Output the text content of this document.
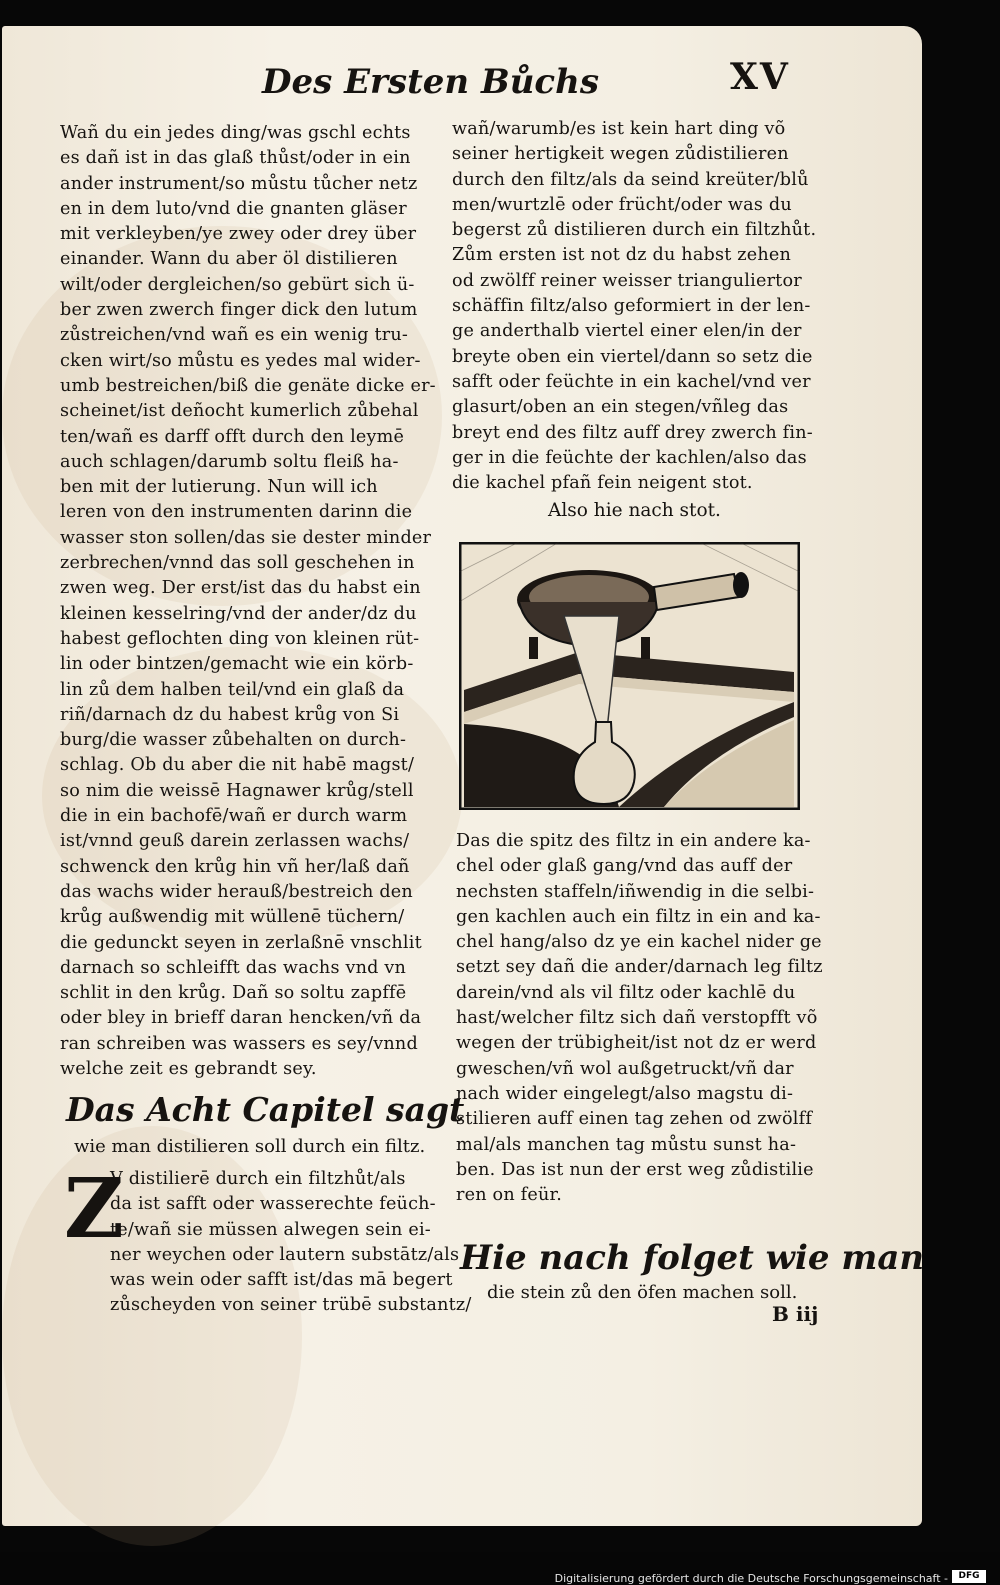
Des Ersten Bůchs	XV
Wañ du ein jedes ding/was gschl echts
es dañ ist in das glaß thůst/oder in ein
ander instrument/so můstu tůcher netz
en in dem luto/vnd die gnanten gläser
mit verkleyben/ye zwey oder drey über
einander. Wann du aber öl distilieren
wilt/oder dergleichen/so gebürt sich ü-
ber zwen zwerch finger dick den lutum
zůstreichen/vnd wañ es ein wenig tru-
cken wirt/so můstu es yedes mal wider-
umb bestreichen/biß die genäte dicke er-
scheinet/ist deñocht kumerlich zůbehal
ten/wañ es darff offt durch den leymē
auch schlagen/darumb soltu fleiß ha-
ben mit der lutierung. Nun will ich
leren von den instrumenten darinn die
wasser ston sollen/das sie dester minder
zerbrechen/vnnd das soll geschehen in
zwen weg. Der erst/ist das du habst ein
kleinen kesselring/vnd der ander/dz du
habest geflochten ding von kleinen rüt-
lin oder bintzen/gemacht wie ein körb-
lin zů dem halben teil/vnd ein glaß da
riñ/darnach dz du habest krůg von Si
burg/die wasser zůbehalten on durch-
schlag. Ob du aber die nit habē magst/
so nim die weissē Hagnawer krůg/stell
die in ein bachofē/wañ er durch warm
ist/vnnd geuß darein zerlassen wachs/
schwenck den krůg hin vñ her/laß dañ
das wachs wider herauß/bestreich den
krůg außwendig mit wüllenē tüchern/
die gedunckt seyen in zerlaßnē vnschlit
darnach so schleifft das wachs vnd vn
schlit in den krůg. Dañ so soltu zapffē
oder bley in brieff daran hencken/vñ da
ran schreiben was wassers es sey/vnnd
welche zeit es gebrandt sey.
Das Acht Capitel sagt
wie man distilieren soll durch ein filtz.
Z
V distilierē durch ein filtzhůt/als
da ist safft oder wasserechte feüch-
te/wañ sie müssen alwegen sein ei-
ner weychen oder lautern substātz/als
was wein oder safft ist/das mā begert
zůscheyden von seiner trübē substantz/
wañ/warumb/es ist kein hart ding võ
seiner hertigkeit wegen zůdistilieren
durch den filtz/als da seind kreüter/blů
men/wurtzlē oder frücht/oder was du
begerst zů distilieren durch ein filtzhůt.
Zům ersten ist not dz du habst zehen
od zwölff reiner weisser trianguliertor
schäffin filtz/also geformiert in der len-
ge anderthalb viertel einer elen/in der
breyte oben ein viertel/dann so setz die
safft oder feüchte in ein kachel/vnd ver
glasurt/oben an ein stegen/vñleg das
breyt end des filtz auff drey zwerch fin-
ger in die feüchte der kachlen/also das
die kachel pfañ fein neigent stot.
Also hie nach stot.
Das die spitz des filtz in ein andere ka-
chel oder glaß gang/vnd das auff der
nechsten staffeln/iñwendig in die selbi-
gen kachlen auch ein filtz in ein and ka-
chel hang/also dz ye ein kachel nider ge
setzt sey dañ die ander/darnach leg filtz
darein/vnd als vil filtz oder kachlē du
hast/welcher filtz sich dañ verstopfft võ
wegen der trübigheit/ist not dz er werd
gweschen/vñ wol außgetruckt/vñ dar
nach wider eingelegt/also magstu di-
stilieren auff einen tag zehen od zwölff
mal/als manchen tag můstu sunst ha-
ben. Das ist nun der erst weg zůdistilie
ren on feür.
Hie nach folget wie man
die stein zů den öfen machen soll.
B iij
Digitalisierung gefördert durch die Deutsche Forschungsgemeinschaft -	DFG
